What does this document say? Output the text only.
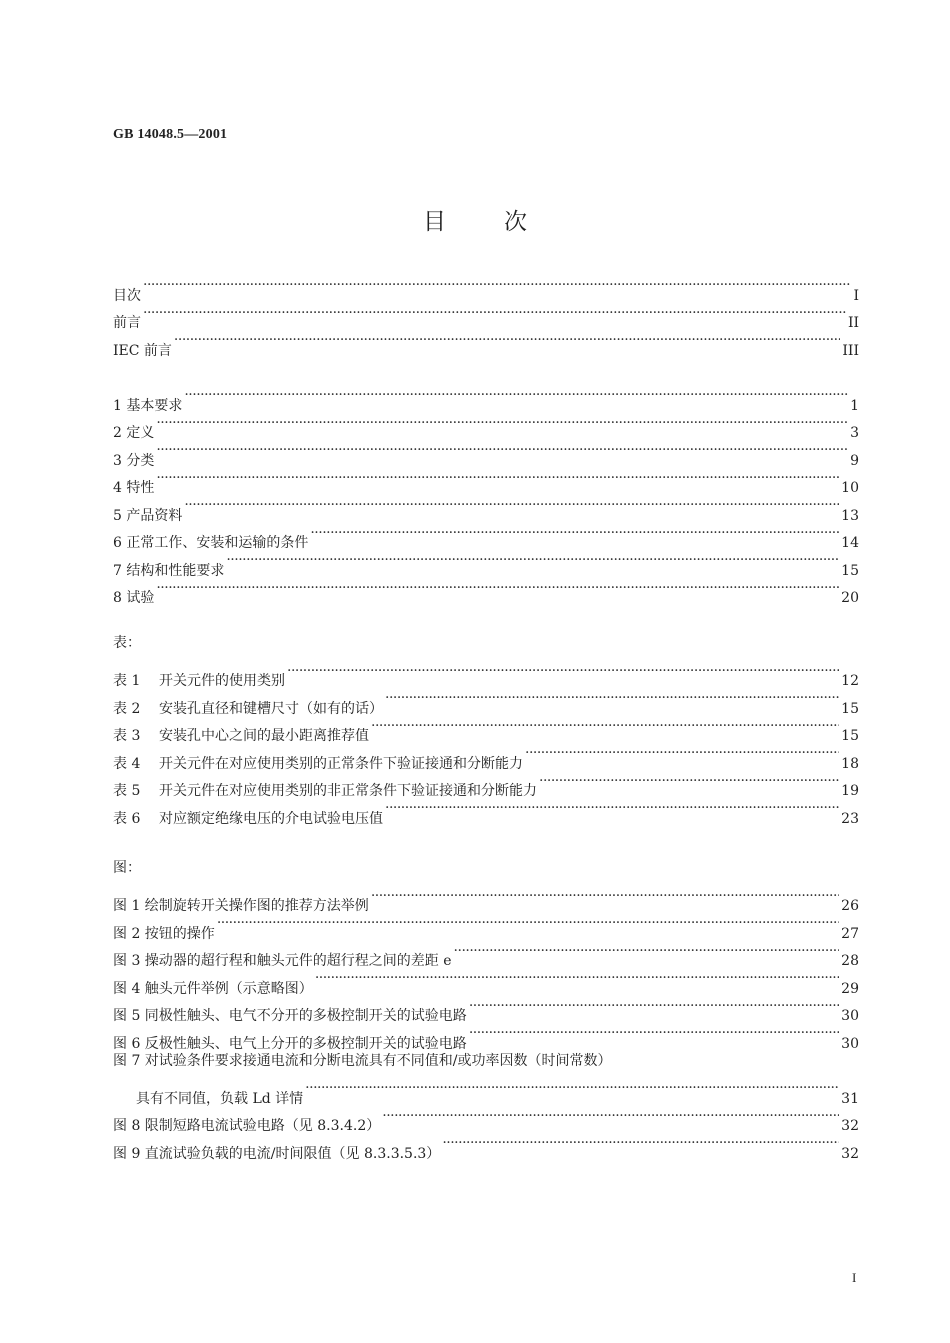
GB 14048.5—2001
目	次
目次 ·····	I
前言 ·····	II
IEC 前言 ·····	III
1 基本要求 ·····	1
2 定义 ·····	3
3 分类 ·····	9
4 特性 ·····	10
5 产品资料 ·····	13
6 正常工作、安装和运输的条件 ·····	14
7 结构和性能要求 ·····	15
8 试验 ·····	20
表：
表 1 开关元件的使用类别 ·····	12
表 2 安装孔直径和键槽尺寸（如有的话） ·····	15
表 3 安装孔中心之间的最小距离推荐值 ·····	15
表 4 开关元件在对应使用类别的正常条件下验证接通和分断能力 ·····	18
表 5 开关元件在对应使用类别的非正常条件下验证接通和分断能力 ·····	19
表 6 对应额定绝缘电压的介电试验电压值 ·····	23
图：
图 1 绘制旋转开关操作图的推荐方法举例 ·····	26
图 2 按钮的操作 ·····	27
图 3 操动器的超行程和触头元件的超行程之间的差距 e ·····	28
图 4 触头元件举例（示意略图） ·····	29
图 5 同极性触头、电气不分开的多极控制开关的试验电路 ·····	30
图 6 反极性触头、电气上分开的多极控制开关的试验电路 ·····	30
图 7 对试验条件要求接通电流和分断电流具有不同值和/或功率因数（时间常数）
具有不同值，负载 Ld 详情 ·····	31
图 8 限制短路电流试验电路（见 8.3.4.2） ·····	32
图 9 直流试验负载的电流/时间限值（见 8.3.3.5.3） ·····	32
I
